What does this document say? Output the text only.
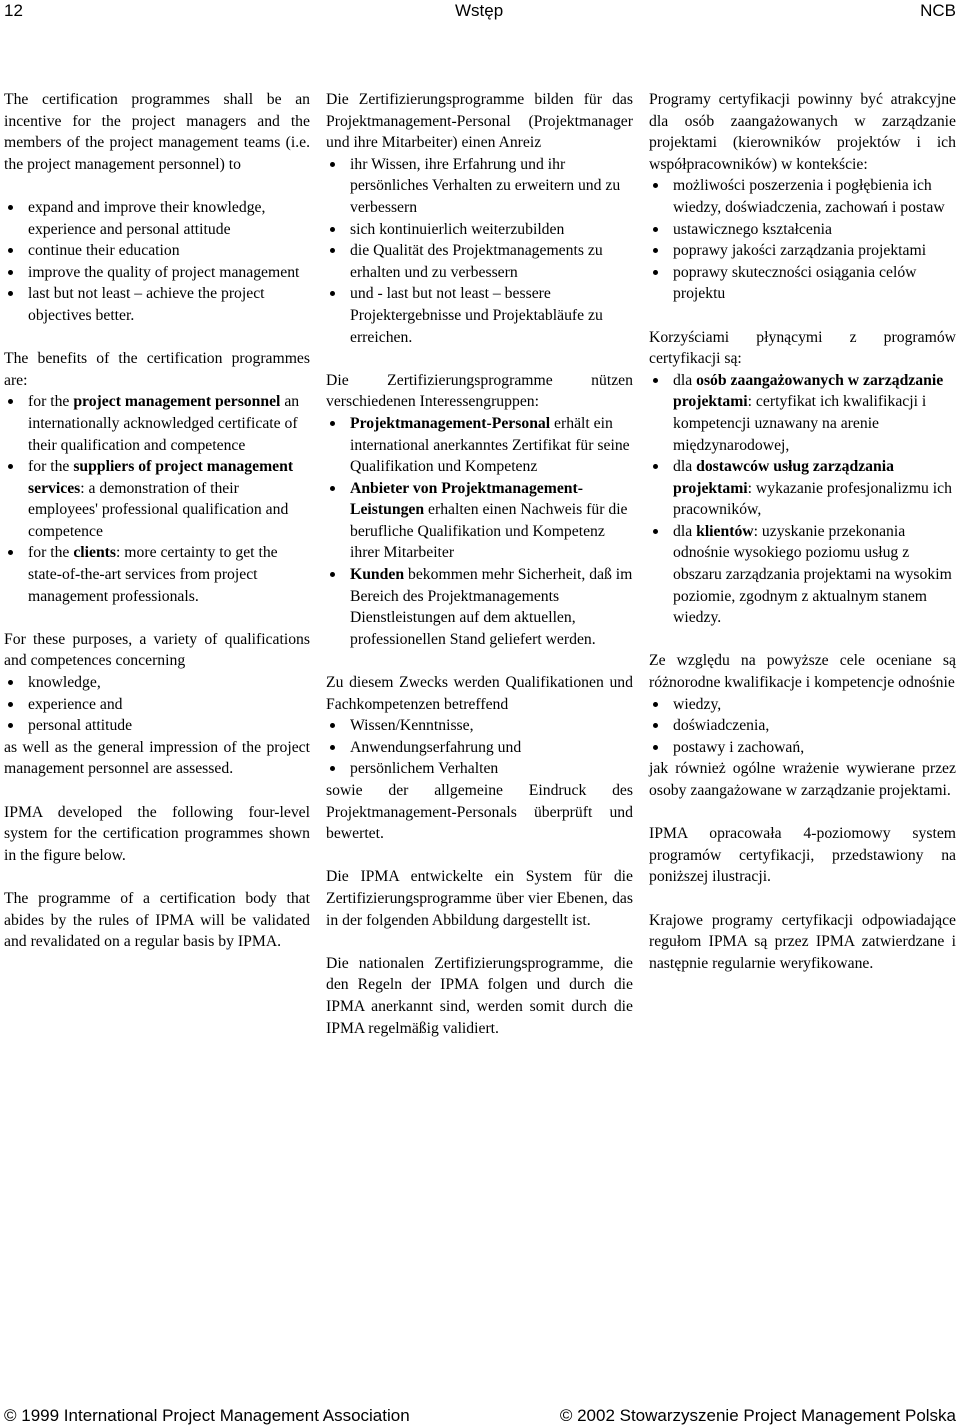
12	Wstęp	NCB

The certification programmes shall be an incentive for the project managers and the members of the project management teams (i.e. the project management personnel) to

expand and improve their knowledge, experience and personal attitude
continue their education
improve the quality of project management
last but not least – achieve the project objectives better.

The benefits of the certification programmes are:

for the project management personnel an internationally acknowledged certificate of their qualification and competence
for the suppliers of project management services: a demonstration of their employees' professional qualification and competence
for the clients: more certainty to get the state-of-the-art services from project management professionals.

For these purposes, a variety of qualifications and competences concerning

knowledge,
experience and
personal attitude

as well as the general impression of the project management personnel are assessed.

IPMA developed the following four-level system for the certification programmes shown in the figure below.

The programme of a certification body that abides by the rules of IPMA will be validated and revalidated on a regular basis by IPMA.

Die Zertifizierungsprogramme bilden für das Projektmanagement-Personal (Projektmanager und ihre Mitarbeiter) einen Anreiz

ihr Wissen, ihre Erfahrung und ihr persönliches Verhalten zu erweitern und zu verbessern
sich kontinuierlich weiterzubilden
die Qualität des Projektmanagements zu erhalten und zu verbessern
und - last but not least – bessere Projektergebnisse und Projektabläufe zu erreichen.

Die Zertifizierungsprogramme nützen verschiedenen Interessengruppen:

Projektmanagement-Personal erhält ein international anerkanntes Zertifikat für seine Qualifikation und Kompetenz
Anbieter von Projektmanagement-Leistungen erhalten einen Nachweis für die berufliche Qualifikation und Kompetenz ihrer Mitarbeiter
Kunden bekommen mehr Sicherheit, daß im Bereich des Projektmanagements Dienstleistungen auf dem aktuellen, professionellen Stand geliefert werden.

Zu diesem Zwecks werden Qualifikationen und Fachkompetenzen betreffend

Wissen/Kenntnisse,
Anwendungserfahrung und
persönlichem Verhalten

sowie der allgemeine Eindruck des Projektmanagement-Personals überprüft und bewertet.

Die IPMA entwickelte ein System für die Zertifizierungsprogramme über vier Ebenen, das in der folgenden Abbildung dargestellt ist.

Die nationalen Zertifizierungsprogramme, die den Regeln der IPMA folgen und durch die IPMA anerkannt sind, werden somit durch die IPMA regelmäßig validiert.

Programy certyfikacji powinny być atrakcyjne dla osób zaangażowanych w zarządzanie projektami (kierowników projektów i ich współpracowników) w kontekście:

możliwości poszerzenia i pogłębienia ich wiedzy, doświadczenia, zachowań i postaw
ustawicznego kształcenia
poprawy jakości zarządzania projektami
poprawy skuteczności osiągania celów projektu

Korzyściami płynącymi z programów certyfikacji są:

dla osób zaangażowanych w zarządzanie projektami: certyfikat ich kwalifikacji i kompetencji uznawany na arenie międzynarodowej,
dla dostawców usług zarządzania projektami: wykazanie profesjonalizmu ich pracowników,
dla klientów: uzyskanie przekonania odnośnie wysokiego poziomu usług z obszaru zarządzania projektami na wysokim poziomie, zgodnym z aktualnym stanem wiedzy.

Ze względu na powyższe cele oceniane są różnorodne kwalifikacje i kompetencje odnośnie

wiedzy,
doświadczenia,
postawy i zachowań,

jak również ogólne wrażenie wywierane przez osoby zaangażowane w zarządzanie projektami.

IPMA opracowała 4-poziomowy system programów certyfikacji, przedstawiony na poniższej ilustracji.

Krajowe programy certyfikacji odpowiadające regułom IPMA są przez IPMA zatwierdzane i następnie regularnie weryfikowane.

© 1999 International Project Management Association	© 2002 Stowarzyszenie Project Management Polska
